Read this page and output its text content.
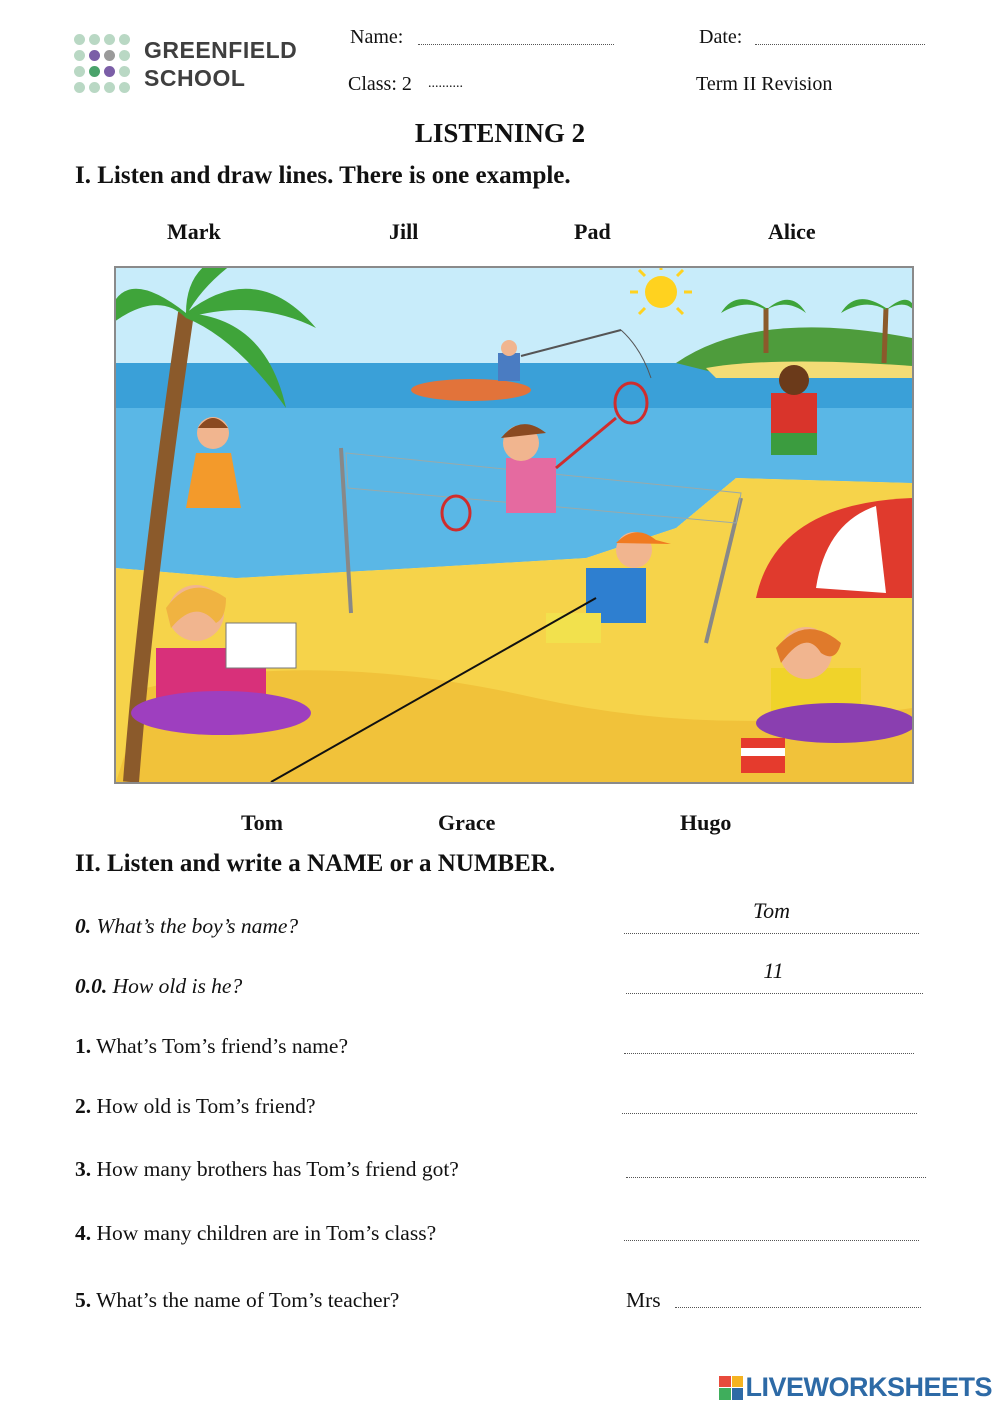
GREENFIELD
SCHOOL
Name:	Date:
Class: 2 ..........	Term II Revision
LISTENING 2
I. Listen and draw lines. There is one example.
Mark	Jill	Pad	Alice
Tom	Grace	Hugo
II. Listen and write a NAME or a NUMBER.
0. What’s the boy’s name?
Tom
0.0. How old is he?
11
1. What’s Tom’s friend’s name?
2. How old is Tom’s friend?
3. How many brothers has Tom’s friend got?
4. How many children are in Tom’s class?
5. What’s the name of Tom’s teacher?	Mrs
LIVEWORKSHEETS
